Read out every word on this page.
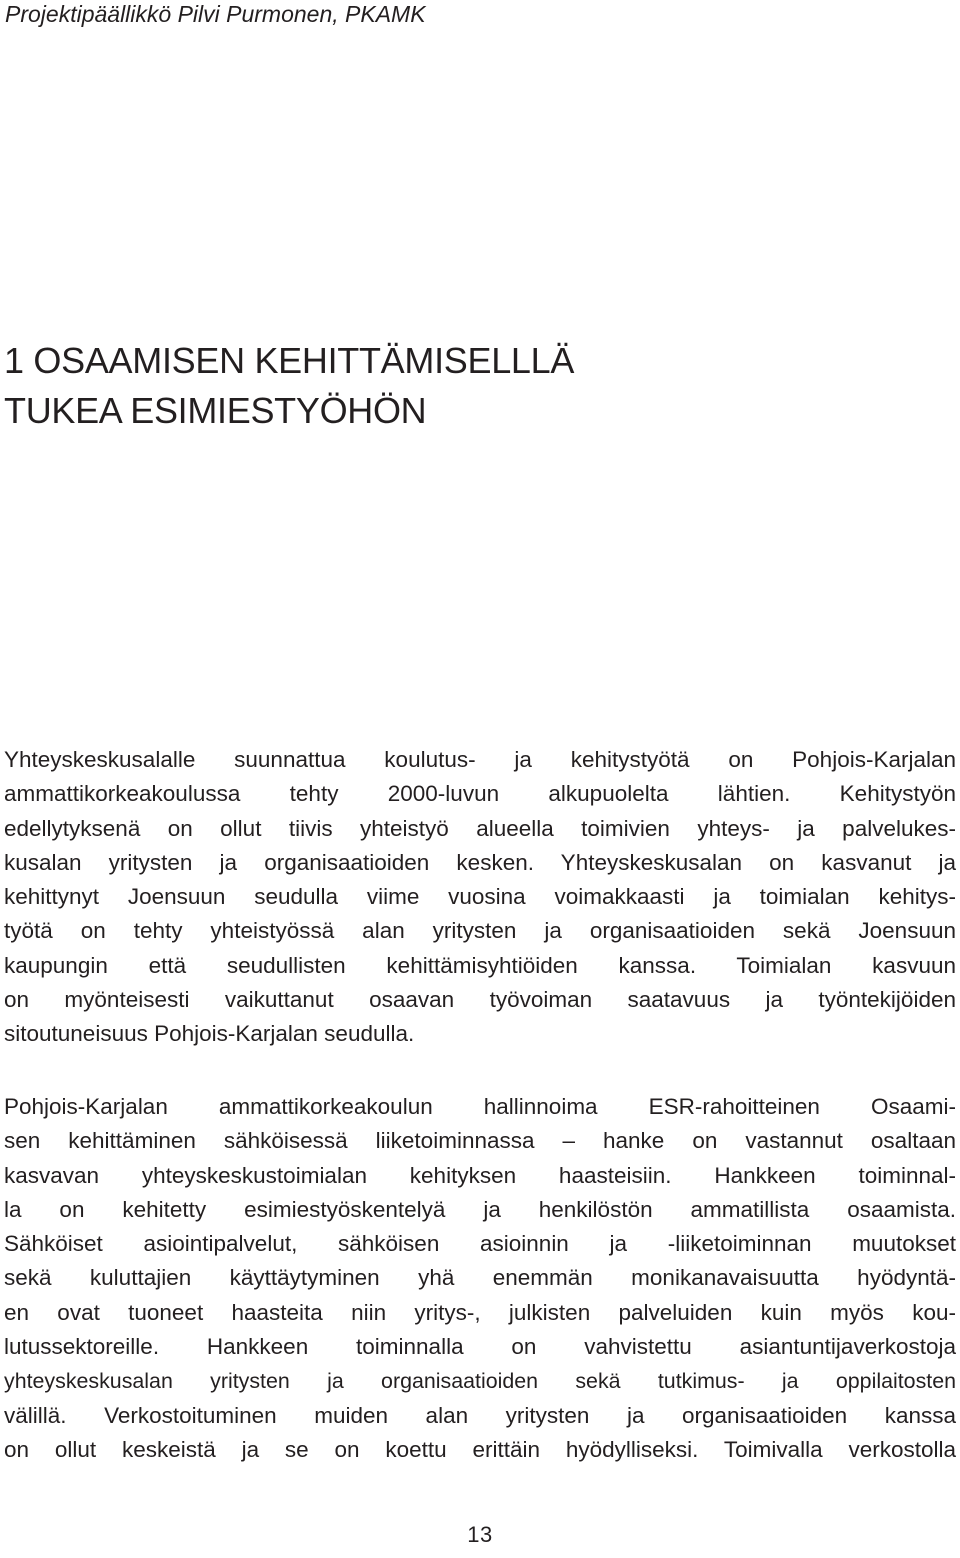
Projektipäällikkö Pilvi Purmonen, PKAMK
1 OSAAMISEN KEHITTÄMISELLLÄ
TUKEA ESIMIESTYÖHÖN
Yhteyskeskusalalle suunnattua koulutus- ja kehitystyötä on Pohjois-Karjalan
ammattikorkeakoulussa tehty 2000-luvun alkupuolelta lähtien. Kehitystyön
edellytyksenä on ollut tiivis yhteistyö alueella toimivien yhteys- ja palvelukes-
kusalan yritysten ja organisaatioiden kesken. Yhteyskeskusalan on kasvanut ja
kehittynyt Joensuun seudulla viime vuosina voimakkaasti ja toimialan kehitys-
työtä on tehty yhteistyössä alan yritysten ja organisaatioiden sekä Joensuun
kaupungin että seudullisten kehittämisyhtiöiden kanssa. Toimialan kasvuun
on myönteisesti vaikuttanut osaavan työvoiman saatavuus ja työntekijöiden
sitoutuneisuus Pohjois-Karjalan seudulla.
Pohjois-Karjalan ammattikorkeakoulun hallinnoima ESR-rahoitteinen Osaami-
sen kehittäminen sähköisessä liiketoiminnassa – hanke on vastannut osaltaan
kasvavan yhteyskeskustoimialan kehityksen haasteisiin. Hankkeen toiminnal-
la on kehitetty esimiestyöskentelyä ja henkilöstön ammatillista osaamista.
Sähköiset asiointipalvelut, sähköisen asioinnin ja -liiketoiminnan muutokset
sekä kuluttajien käyttäytyminen yhä enemmän monikanavaisuutta hyödyntä-
en ovat tuoneet haasteita niin yritys-, julkisten palveluiden kuin myös kou-
lutussektoreille. Hankkeen toiminnalla on vahvistettu asiantuntijaverkostoja
yhteyskeskusalan yritysten ja organisaatioiden sekä tutkimus- ja oppilaitosten
välillä. Verkostoituminen muiden alan yritysten ja organisaatioiden kanssa
on ollut keskeistä ja se on koettu erittäin hyödylliseksi. Toimivalla verkostolla
13
